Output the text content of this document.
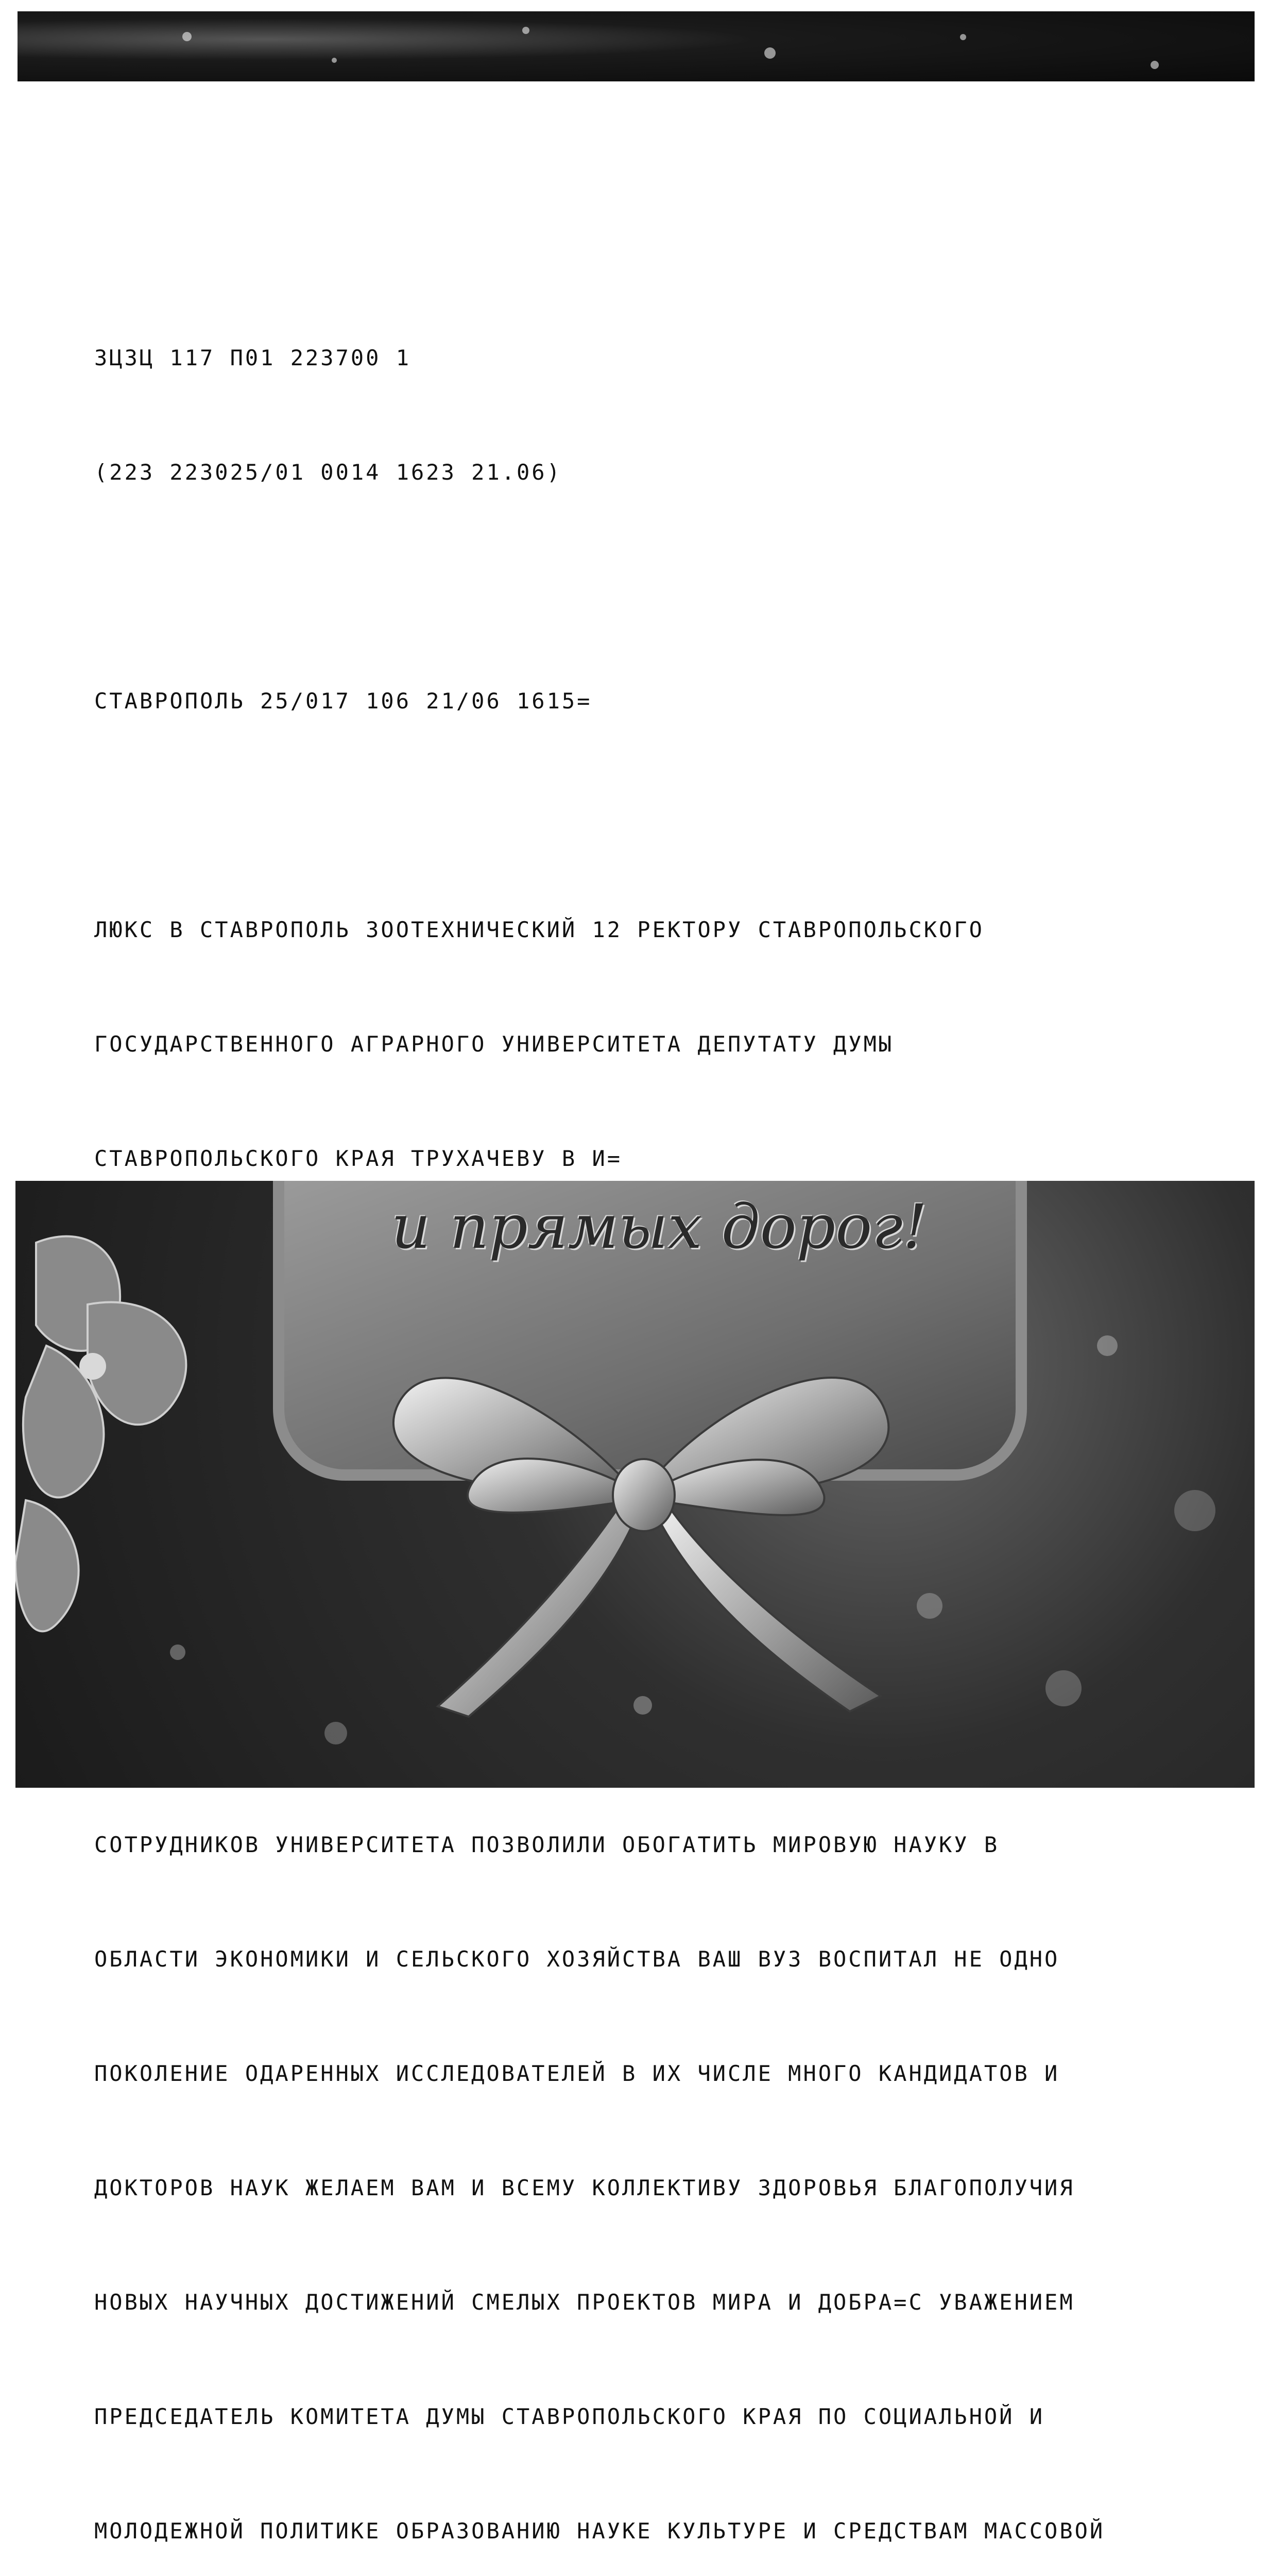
ЗЦЗЦ 117 П01 223700 1

(223 223025/01 0014 1623 21.06)

СТАВРОПОЛЬ 25/017 106 21/06 1615=

ЛЮКС В СТАВРОПОЛЬ ЗООТЕХНИЧЕСКИЙ 12 РЕКТОРУ СТАВРОПОЛЬСКОГО

ГОСУДАРСТВЕННОГО АГРАРНОГО УНИВЕРСИТЕТА ДЕПУТАТУ ДУМЫ

СТАВРОПОЛЬСКОГО КРАЯ ТРУХАЧЕВУ В И=

СОТРУДНИКОВ УНИВЕРСИТЕТА ПОЗВОЛИЛИ ОБОГАТИТЬ МИРОВУЮ НАУКУ В

ОБЛАСТИ ЭКОНОМИКИ И СЕЛЬСКОГО ХОЗЯЙСТВА ВАШ ВУЗ ВОСПИТАЛ НЕ ОДНО

ПОКОЛЕНИЕ ОДАРЕННЫХ ИССЛЕДОВАТЕЛЕЙ В ИХ ЧИСЛЕ МНОГО КАНДИДАТОВ И

ДОКТОРОВ НАУК ЖЕЛАЕМ ВАМ И ВСЕМУ КОЛЛЕКТИВУ ЗДОРОВЬЯ БЛАГОПОЛУЧИЯ

НОВЫХ НАУЧНЫХ ДОСТИЖЕНИЙ СМЕЛЫХ ПРОЕКТОВ МИРА И ДОБРА=С УВАЖЕНИЕМ

ПРЕДСЕДАТЕЛЬ КОМИТЕТА ДУМЫ СТАВРОПОЛЬСКОГО КРАЯ ПО СОЦИАЛЬНОЙ И

МОЛОДЕЖНОЙ ПОЛИТИКЕ ОБРАЗОВАНИЮ НАУКЕ КУЛЬТУРЕ И СРЕДСТВАМ МАССОВОЙ

и прямых дорог!
